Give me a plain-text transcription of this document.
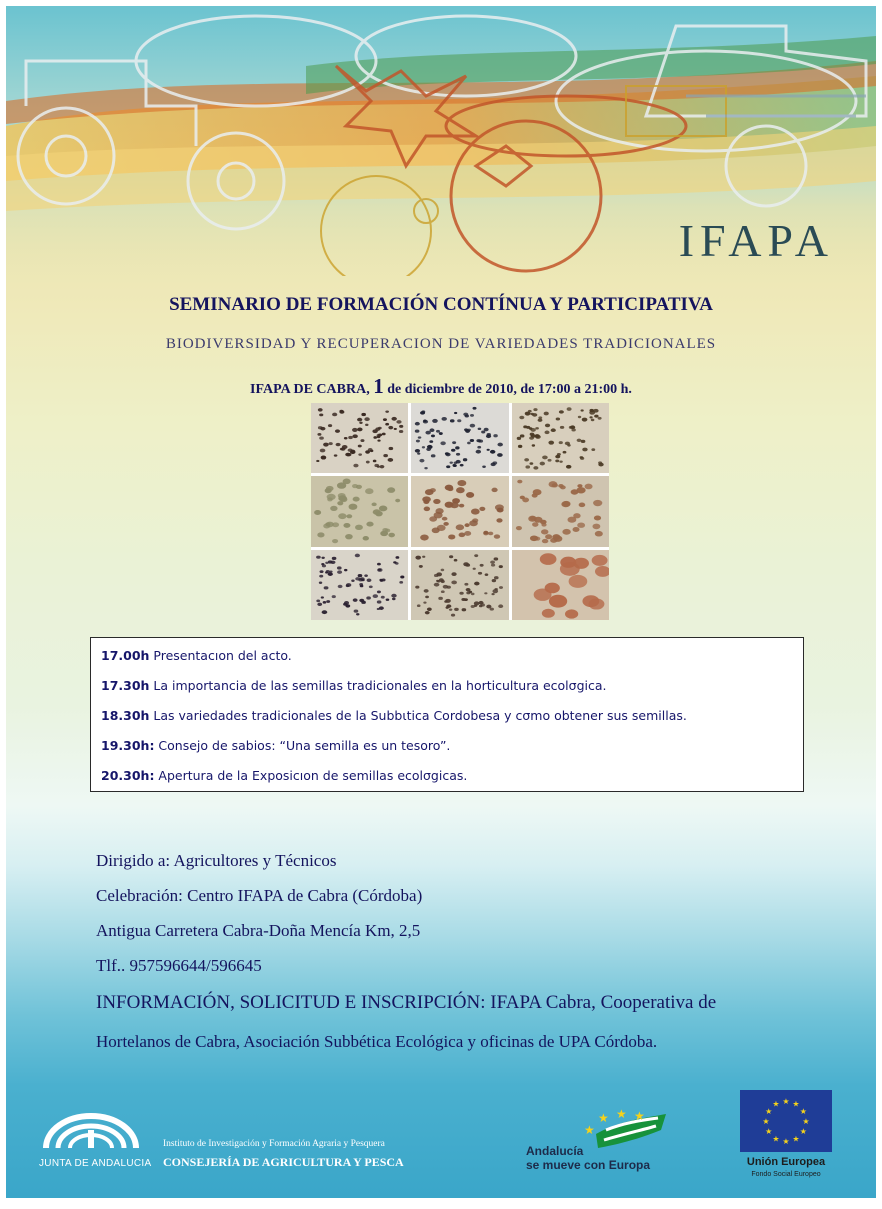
IFAPA
SEMINARIO DE FORMACIÓN CONTÍNUA Y PARTICIPATIVA
BIODIVERSIDAD Y RECUPERACION DE VARIEDADES TRADICIONALES
IFAPA DE CABRA, 1 de diciembre de 2010, de 17:00 a 21:00 h.
17.00h Presentacıon del acto.
17.30h La importancia de las semillas tradicionales en la horticultura ecolσgica.
18.30h Las variedades tradicionales de la Subbιtica Cordobesa y cσmo obtener sus semillas.
19.30h: Consejo de sabios: “Una semilla es un tesoro”.
20.30h: Apertura de la Exposicıon de semillas ecolσgicas.
Dirigido a: Agricultores y Técnicos
Celebración: Centro IFAPA de Cabra (Córdoba)
Antigua Carretera Cabra-Doña Mencía Km, 2,5
Tlf.. 957596644/596645
INFORMACIÓN, SOLICITUD E INSCRIPCIÓN: IFAPA Cabra, Cooperativa de
Hortelanos de Cabra, Asociación Subbética Ecológica y oficinas de UPA Córdoba.
JUNTA DE ANDALUCIA
Instituto de Investigación y Formación Agraria y Pesquera
CONSEJERÍA DE AGRICULTURA Y PESCA
★
★ ★ ★
Andalucía
se mueve con Europa
★
★
★
★
★
★
★
★
★ ★ ★
★
Unión Europea
Fondo Social Europeo
